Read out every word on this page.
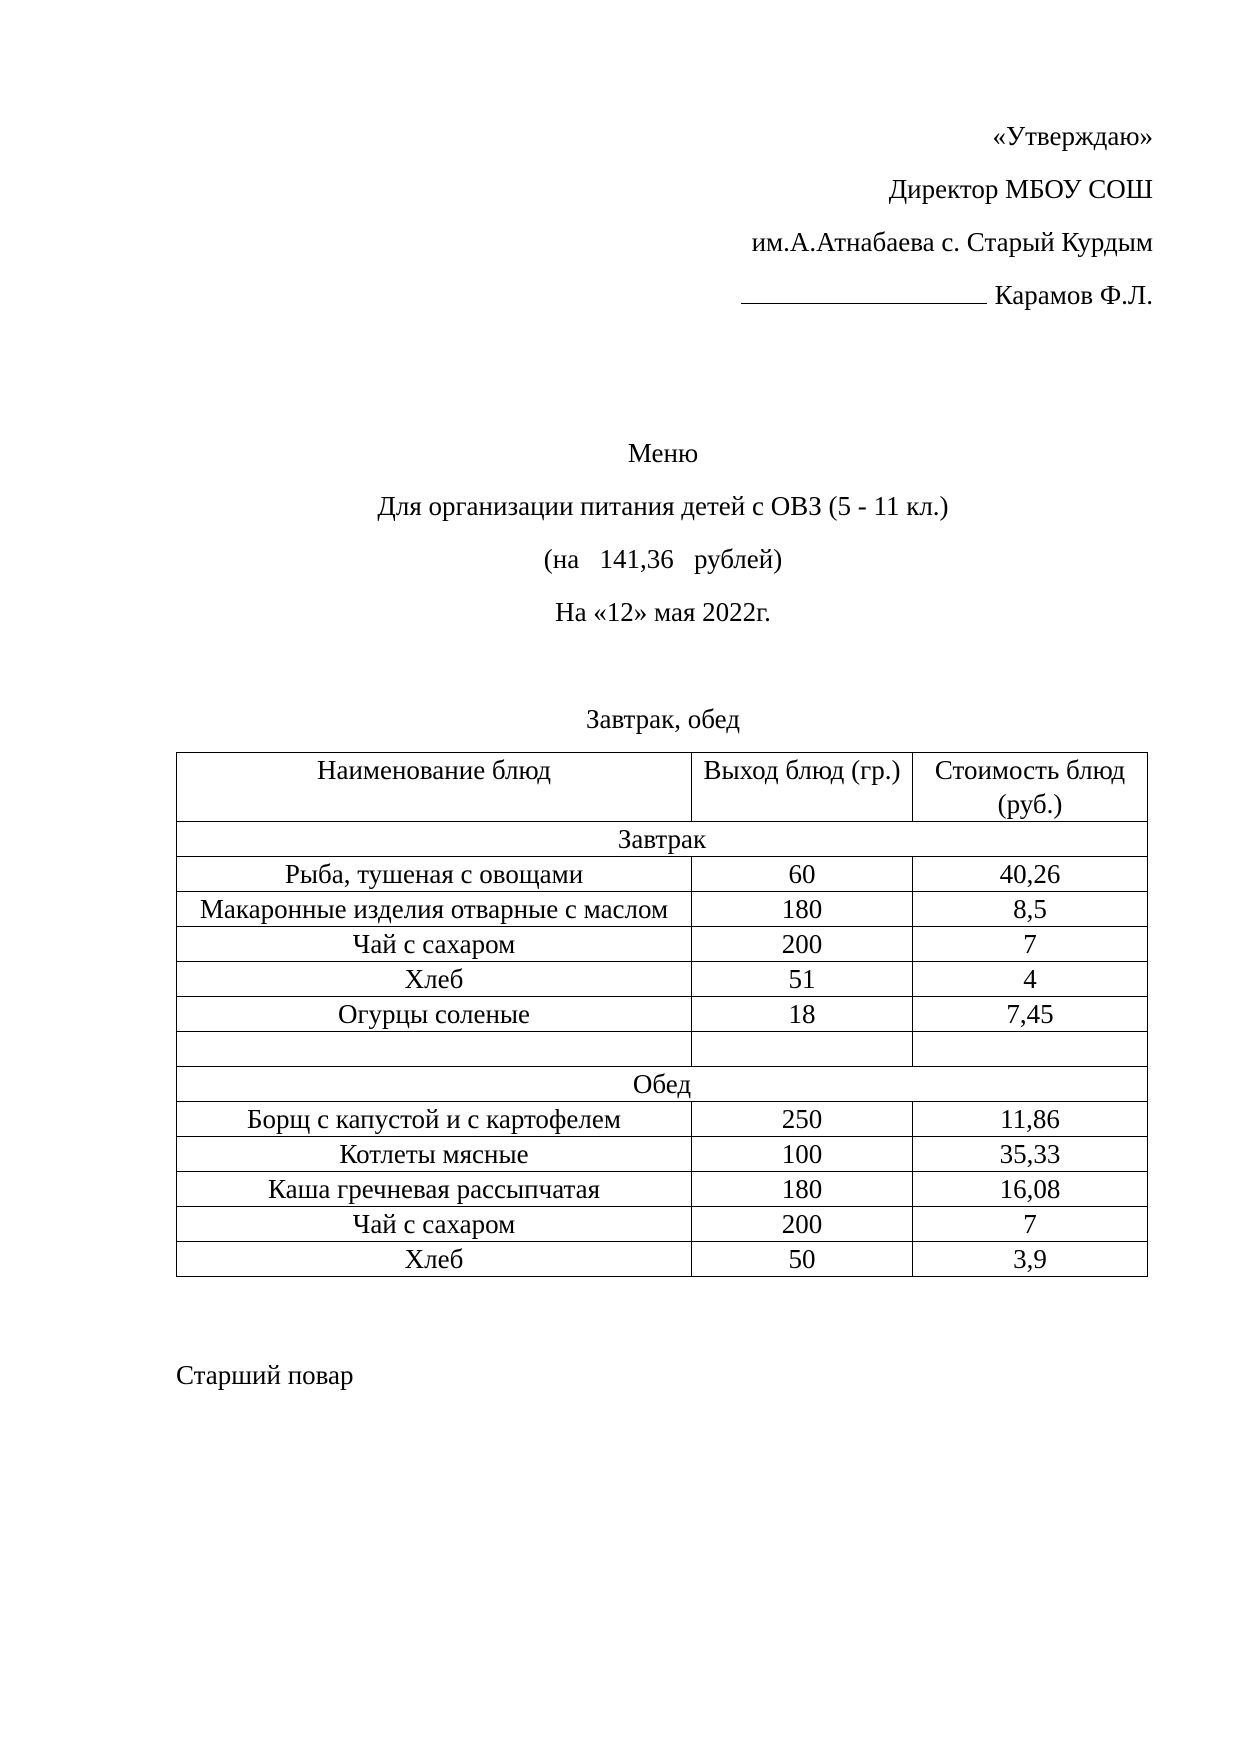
«Утверждаю»
Директор МБОУ СОШ
им.А.Атнабаева с. Старый Курдым
Карамов Ф.Л.
Меню
Для организации питания детей с ОВЗ (5 - 11 кл.)
(на   141,36   рублей)
На «12» мая 2022г.
Завтрак, обед
Наименование блюд	Выход блюд (гр.)	Стоимость блюд (руб.)
Завтрак		
Рыба, тушеная с овощами	60	40,26
Макаронные изделия отварные с маслом	180	8,5
Чай с сахаром	200	7
Хлеб	51	4
Огурцы соленые	18	7,45

Обед		
Борщ с капустой и с картофелем	250	11,86
Котлеты мясные	100	35,33
Каша гречневая рассыпчатая	180	16,08
Чай с сахаром	200	7
Хлеб	50	3,9
Старший повар
